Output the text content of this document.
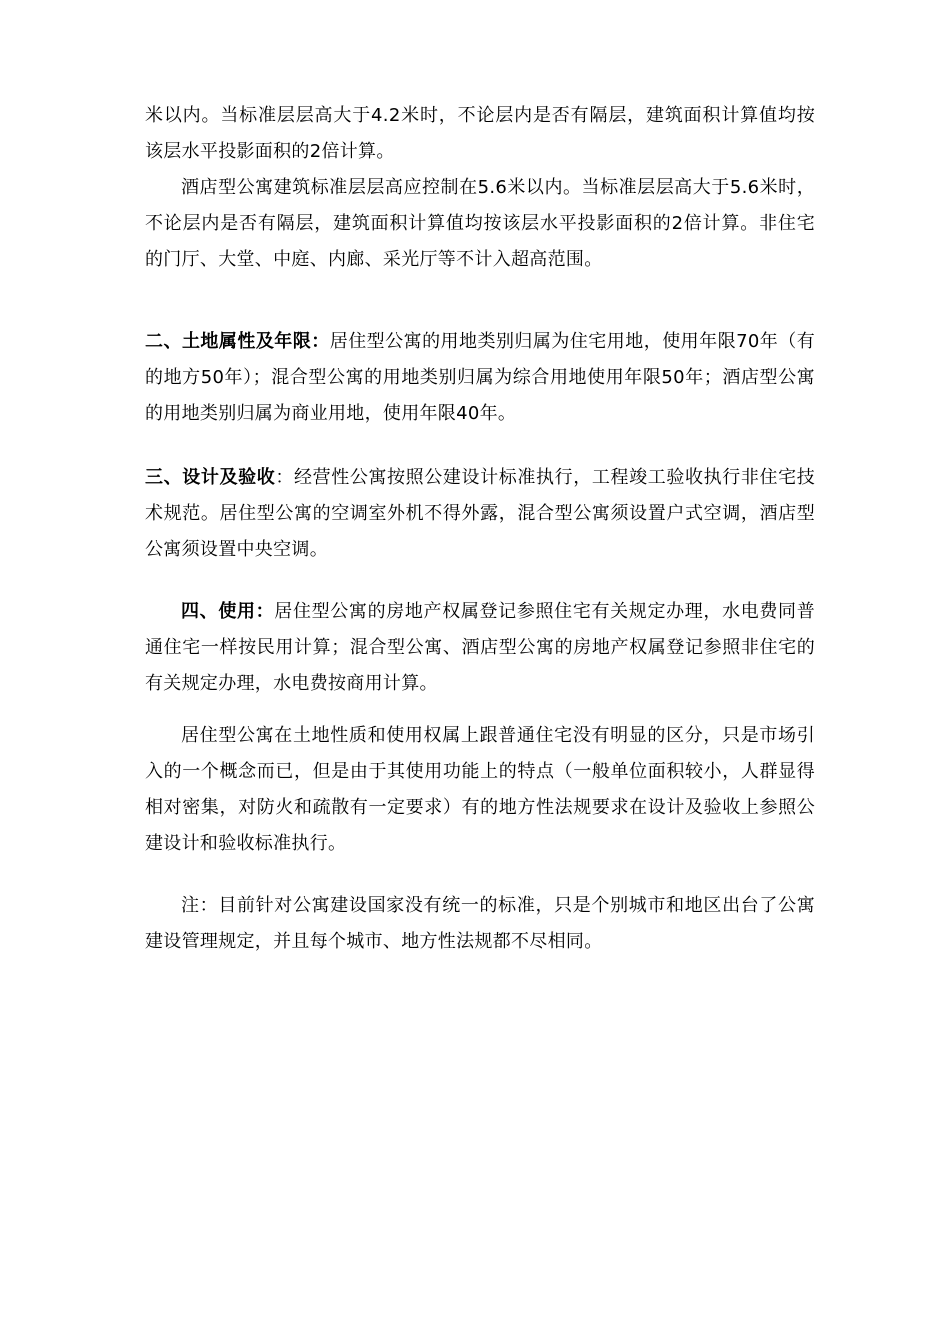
米以内。当标准层层高大于4.2米时，不论层内是否有隔层，建筑面积计算值均按该层水平投影面积的2倍计算。

酒店型公寓建筑标准层层高应控制在5.6米以内。当标准层层高大于5.6米时，不论层内是否有隔层，建筑面积计算值均按该层水平投影面积的2倍计算。非住宅的门厅、大堂、中庭、内廊、采光厅等不计入超高范围。

二、土地属性及年限：居住型公寓的用地类别归属为住宅用地，使用年限70年（有的地方50年）；混合型公寓的用地类别归属为综合用地使用年限50年；酒店型公寓的用地类别归属为商业用地，使用年限40年。

三、设计及验收：经营性公寓按照公建设计标准执行，工程竣工验收执行非住宅技术规范。居住型公寓的空调室外机不得外露，混合型公寓须设置户式空调，酒店型公寓须设置中央空调。

四、使用：居住型公寓的房地产权属登记参照住宅有关规定办理，水电费同普通住宅一样按民用计算；混合型公寓、酒店型公寓的房地产权属登记参照非住宅的有关规定办理，水电费按商用计算。

居住型公寓在土地性质和使用权属上跟普通住宅没有明显的区分，只是市场引入的一个概念而已，但是由于其使用功能上的特点（一般单位面积较小，人群显得相对密集，对防火和疏散有一定要求）有的地方性法规要求在设计及验收上参照公建设计和验收标准执行。

注：目前针对公寓建设国家没有统一的标准，只是个别城市和地区出台了公寓建设管理规定，并且每个城市、地方性法规都不尽相同。
